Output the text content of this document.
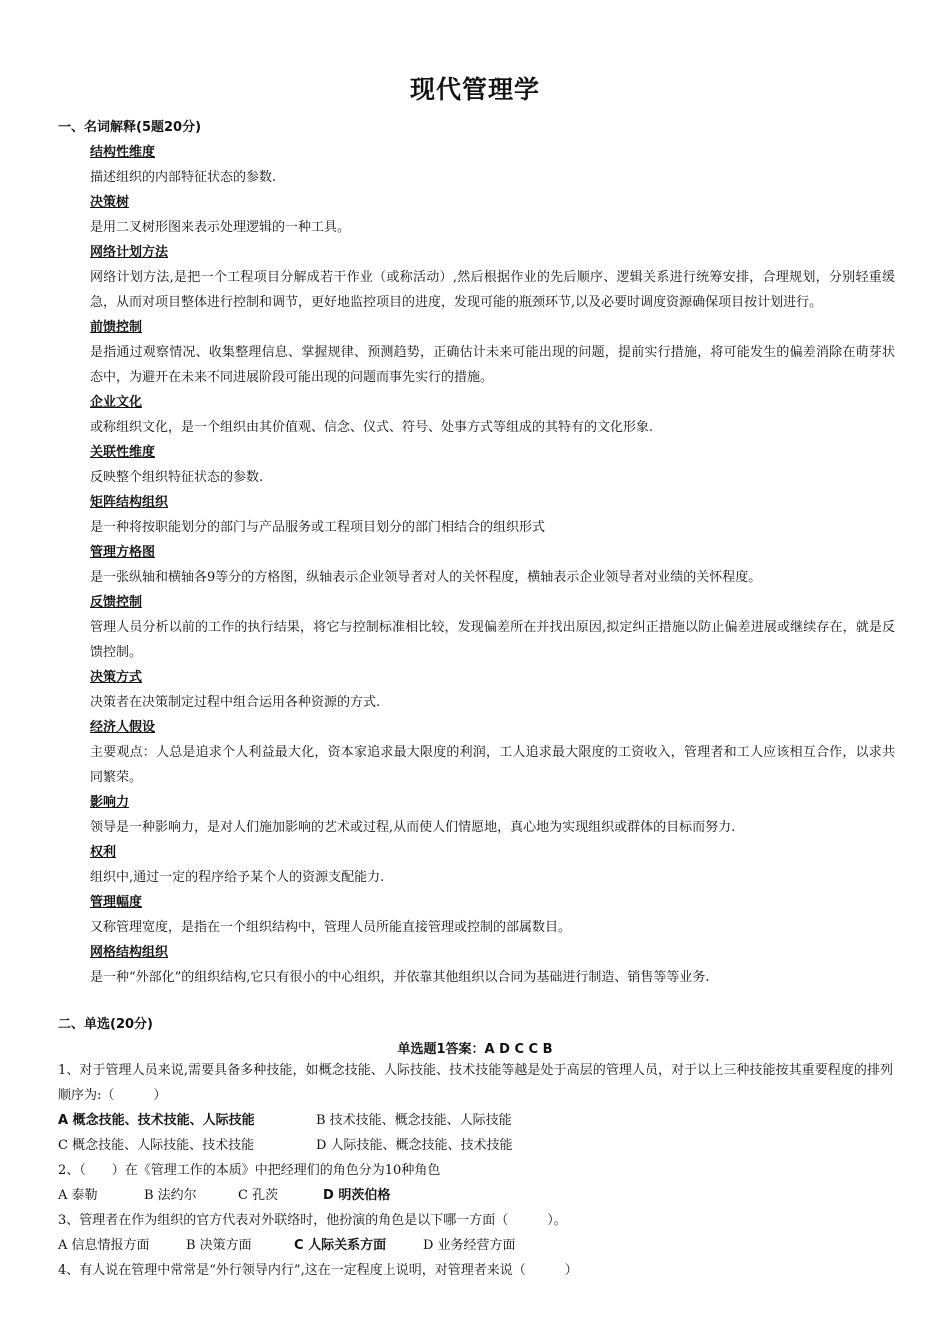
现代管理学
一、名词解释(5题20分)
结构性维度
描述组织的内部特征状态的参数.
决策树
是用二叉树形图来表示处理逻辑的一种工具。
网络计划方法
网络计划方法,是把一个工程项目分解成若干作业（或称活动）,然后根据作业的先后顺序、逻辑关系进行统筹安排，合理规划，分别轻重缓急，从而对项目整体进行控制和调节，更好地监控项目的进度，发现可能的瓶颈环节,以及必要时调度资源确保项目按计划进行。
前馈控制
是指通过观察情况、收集整理信息、掌握规律、预测趋势，正确估计未来可能出现的问题，提前实行措施，将可能发生的偏差消除在萌芽状态中，为避开在未来不同进展阶段可能出现的问题而事先实行的措施。
企业文化
或称组织文化，是一个组织由其价值观、信念、仪式、符号、处事方式等组成的其特有的文化形象.
关联性维度
反映整个组织特征状态的参数.
矩阵结构组织
是一种将按职能划分的部门与产品服务或工程项目划分的部门相结合的组织形式
管理方格图
是一张纵轴和横轴各9等分的方格图，纵轴表示企业领导者对人的关怀程度，横轴表示企业领导者对业绩的关怀程度。
反馈控制
管理人员分析以前的工作的执行结果，将它与控制标准相比较，发现偏差所在并找出原因,拟定纠正措施以防止偏差进展或继续存在，就是反馈控制。
决策方式
决策者在决策制定过程中组合运用各种资源的方式.
经济人假设
主要观点：人总是追求个人利益最大化，资本家追求最大限度的利润，工人追求最大限度的工资收入，管理者和工人应该相互合作，以求共同繁荣。
影响力
领导是一种影响力，是对人们施加影响的艺术或过程,从而使人们情愿地，真心地为实现组织或群体的目标而努力.
权利
组织中,通过一定的程序给予某个人的资源支配能力.
管理幅度
又称管理宽度，是指在一个组织结构中，管理人员所能直接管理或控制的部属数目。
网格结构组织
是一种“外部化”的组织结构,它只有很小的中心组织，并依靠其他组织以合同为基础进行制造、销售等等业务.
二、单选(20分)
单选题1答案：A D C C B
1、对于管理人员来说,需要具备多种技能，如概念技能、人际技能、技术技能等越是处于高层的管理人员，对于以上三种技能按其重要程度的排列顺序为:（　　　）
A 概念技能、技术技能、人际技能	B 技术技能、概念技能、人际技能
C 概念技能、人际技能、技术技能	D 人际技能、概念技能、技术技能
2、（　　）在《管理工作的本质》中把经理们的角色分为10种角色
A 泰勒	B 法约尔	C 孔茨	D 明茨伯格
3、管理者在作为组织的官方代表对外联络时，他扮演的角色是以下哪一方面（　　　）。
A 信息情报方面	B 决策方面	C 人际关系方面	D 业务经营方面
4、有人说在管理中常常是“外行领导内行”,这在一定程度上说明，对管理者来说（　　　）
